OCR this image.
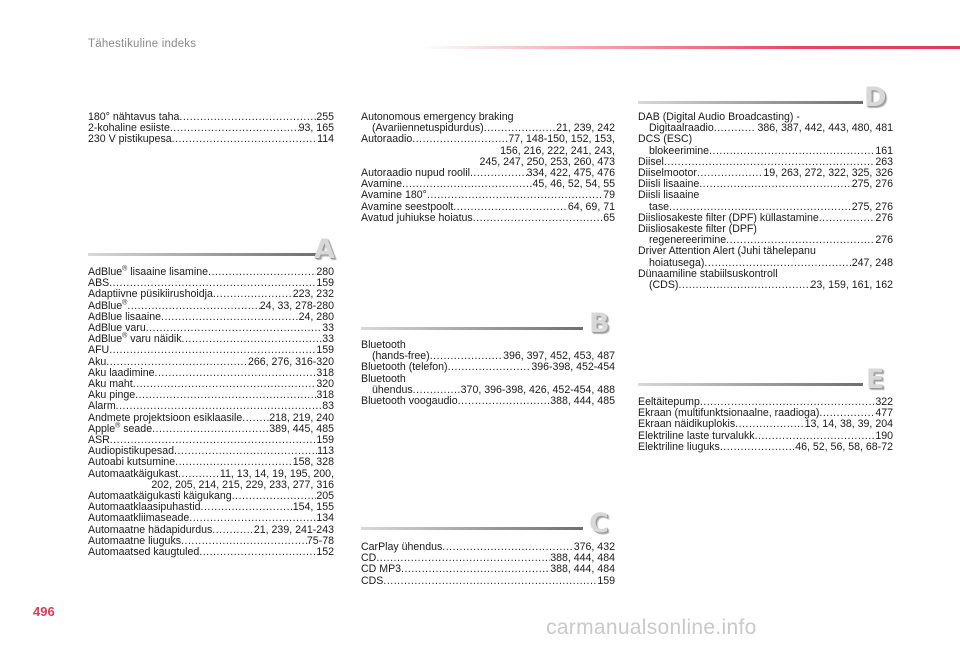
Tähestikuline indeks
180° nähtavus taha .....	255
2-kohaline esiiste .....	93, 165
230 V pistikupesa .....	114
A
AdBlue® lisaaine lisamine .....	280
ABS .....	159
Adaptiivne püsikiirushoidja .....	223, 232
AdBlue® .....	24, 33, 278-280
AdBlue lisaaine .....	24, 280
AdBlue varu .....	33
AdBlue® varu näidik .....	33
AFU .....	159
Aku .....	266, 276, 316-320
Aku laadimine .....	318
Aku maht .....	320
Aku pinge .....	318
Alarm .....	83
Andmete projektsioon esiklaasile .....	218, 219, 240
Apple® seade .....	389, 445, 485
ASR .....	159
Audiopistikupesad .....	113
Autoabi kutsumine .....	158, 328
Automaatkäigukast .....	11, 13, 14, 19, 195, 200,
202, 205, 214, 215, 229, 233, 277, 316
Automaatkäigukasti käigukang .....	205
Automaatklaasipuhastid .....	154, 155
Automaatkliimaseade .....	134
Automaatne hädapidurdus .....	21, 239, 241-243
Automaatne liuguks .....	75-78
Automaatsed kaugtuled .....	152
Autonomous emergency braking
(Avariiennetuspidurdus) .....	21, 239, 242
Autoraadio .....	77, 148-150, 152, 153,
156, 216, 222, 241, 243,
245, 247, 250, 253, 260, 473
Autoraadio nupud roolil .....	334, 422, 475, 476
Avamine .....	45, 46, 52, 54, 55
Avamine 180° .....	79
Avamine seestpoolt .....	64, 69, 71
Avatud juhiukse hoiatus .....	65
B
Bluetooth
(hands-free) .....	396, 397, 452, 453, 487
Bluetooth (telefon) .....	396-398, 452-454
Bluetooth
ühendus .....	370, 396-398, 426, 452-454, 488
Bluetooth voogaudio .....	388, 444, 485
C
CarPlay ühendus .....	376, 432
CD .....	388, 444, 484
CD MP3 .....	388, 444, 484
CDS .....	159
D
DAB (Digital Audio Broadcasting) -
Digitaalraadio .....	. 386, 387, 442, 443, 480, 481
DCS (ESC)
blokeerimine .....	161
Diisel .....	263
Diiselmootor .....	19, 263, 272, 322, 325, 326
Diisli lisaaine .....	275, 276
Diisli lisaaine
tase .....	275, 276
Diisliosakeste filter (DPF) küllastamine .....	276
Diisliosakeste filter (DPF)
regenereerimine .....	276
Driver Attention Alert (Juhi tähelepanu
hoiatusega) .....	247, 248
Dünaamiline stabiilsuskontroll
(CDS) .....	23, 159, 161, 162
E
Eeltäitepump .....	322
Ekraan (multifunktsionaalne, raadioga) .....	477
Ekraan näidikuplokis .....	13, 14, 38, 39, 204
Elektriline laste turvalukk .....	190
Elektriline liuguks .....	46, 52, 56, 58, 68-72
496
carmanualsonline.info
